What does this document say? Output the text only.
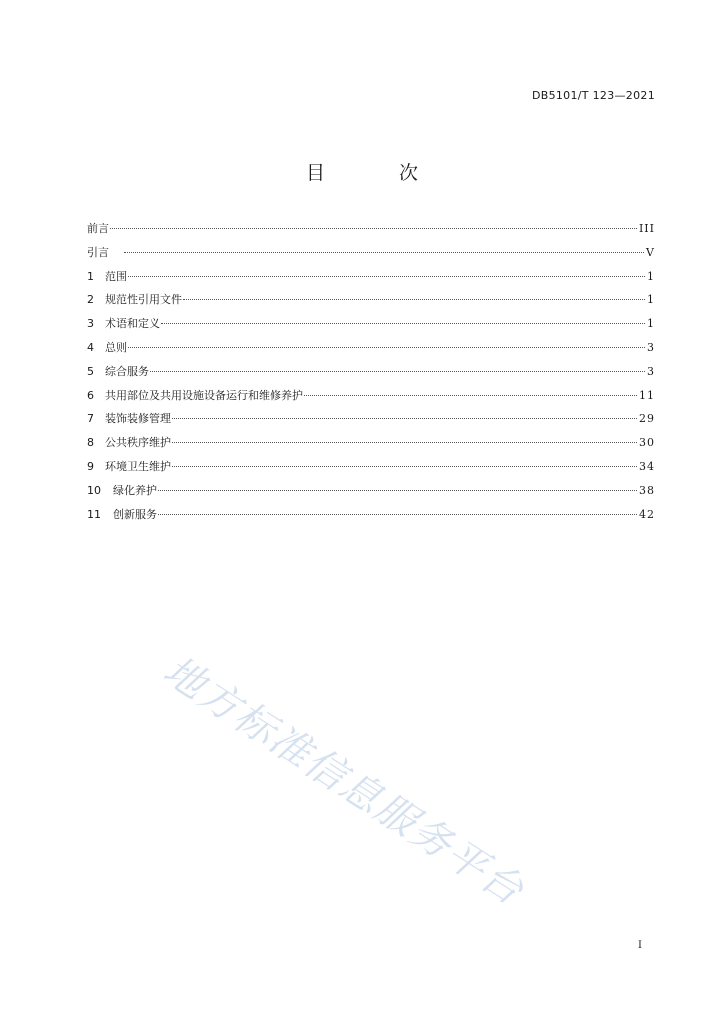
DB5101/T 123—2021
目 次
前言	III
引言	V
1	范围	1
2	规范性引用文件	1
3	术语和定义	1
4	总则	3
5	综合服务	3
6	共用部位及共用设施设备运行和维修养护	11
7	装饰装修管理	29
8	公共秩序维护	30
9	环境卫生维护	34
10	绿化养护	38
11	创新服务	42
地方标准信息服务平台
I
